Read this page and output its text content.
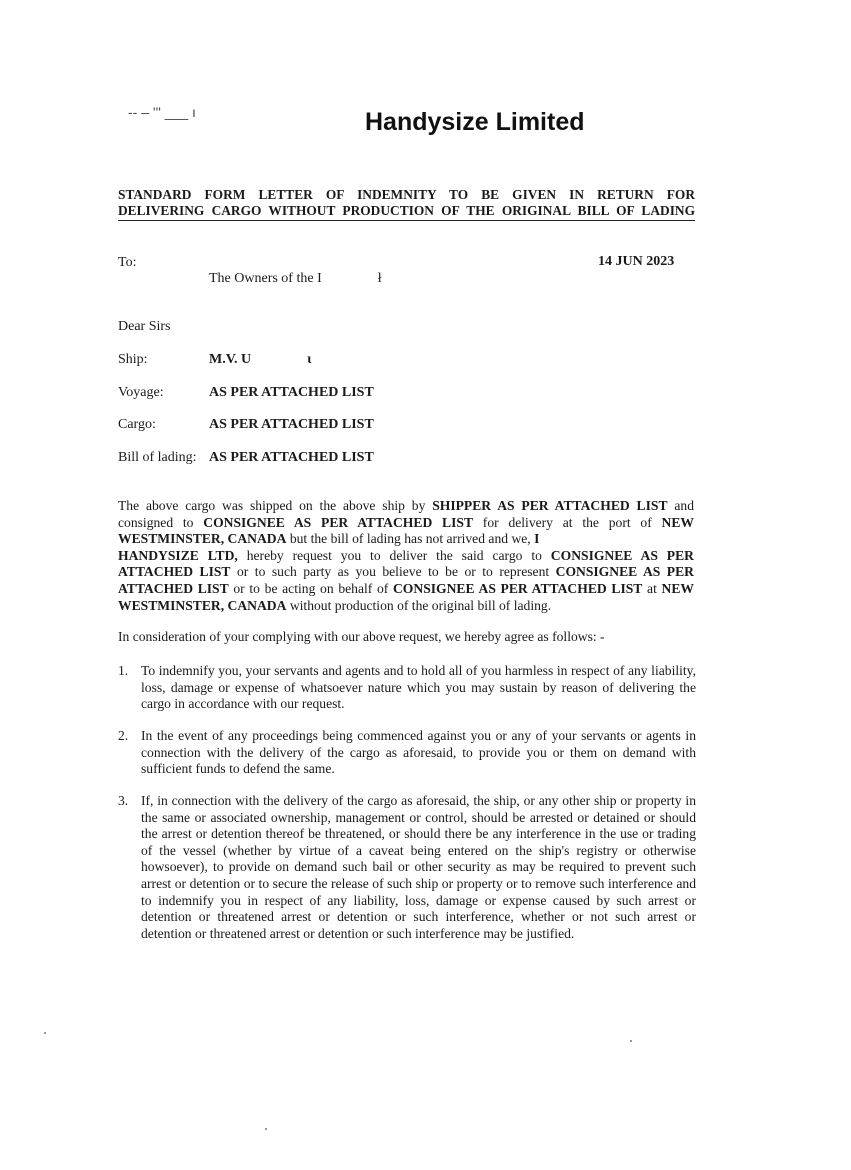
-- – ''' ___ ı	Handysize Limited
STANDARD FORM LETTER OF INDEMNITY TO BE GIVEN IN RETURN FOR
DELIVERING CARGO WITHOUT PRODUCTION OF THE ORIGINAL BILL OF LADING
To:	14 JUN 2023
The Owners of the I                ł
Dear Sirs
Ship:	M.V. U                ι
Voyage:	AS PER ATTACHED LIST
Cargo:	AS PER ATTACHED LIST
Bill of lading: AS PER ATTACHED LIST
The above cargo was shipped on the above ship by SHIPPER AS PER ATTACHED LIST and consigned to CONSIGNEE AS PER ATTACHED LIST for delivery at the port of NEW WESTMINSTER, CANADA but the bill of lading has not arrived and we, I
HANDYSIZE LTD, hereby request you to deliver the said cargo to CONSIGNEE AS PER ATTACHED LIST or to such party as you believe to be or to represent CONSIGNEE AS PER ATTACHED LIST or to be acting on behalf of CONSIGNEE AS PER ATTACHED LIST at NEW WESTMINSTER, CANADA without production of the original bill of lading.
In consideration of your complying with our above request, we hereby agree as follows: -
1. To indemnify you, your servants and agents and to hold all of you harmless in respect of any liability, loss, damage or expense of whatsoever nature which you may sustain by reason of delivering the cargo in accordance with our request.
2. In the event of any proceedings being commenced against you or any of your servants or agents in connection with the delivery of the cargo as aforesaid, to provide you or them on demand with sufficient funds to defend the same.
3. If, in connection with the delivery of the cargo as aforesaid, the ship, or any other ship or property in the same or associated ownership, management or control, should be arrested or detained or should the arrest or detention thereof be threatened, or should there be any interference in the use or trading of the vessel (whether by virtue of a caveat being entered on the ship's registry or otherwise howsoever), to provide on demand such bail or other security as may be required to prevent such arrest or detention or to secure the release of such ship or property or to remove such interference and to indemnify you in respect of any liability, loss, damage or expense caused by such arrest or detention or threatened arrest or detention or such interference, whether or not such arrest or detention or threatened arrest or detention or such interference may be justified.
